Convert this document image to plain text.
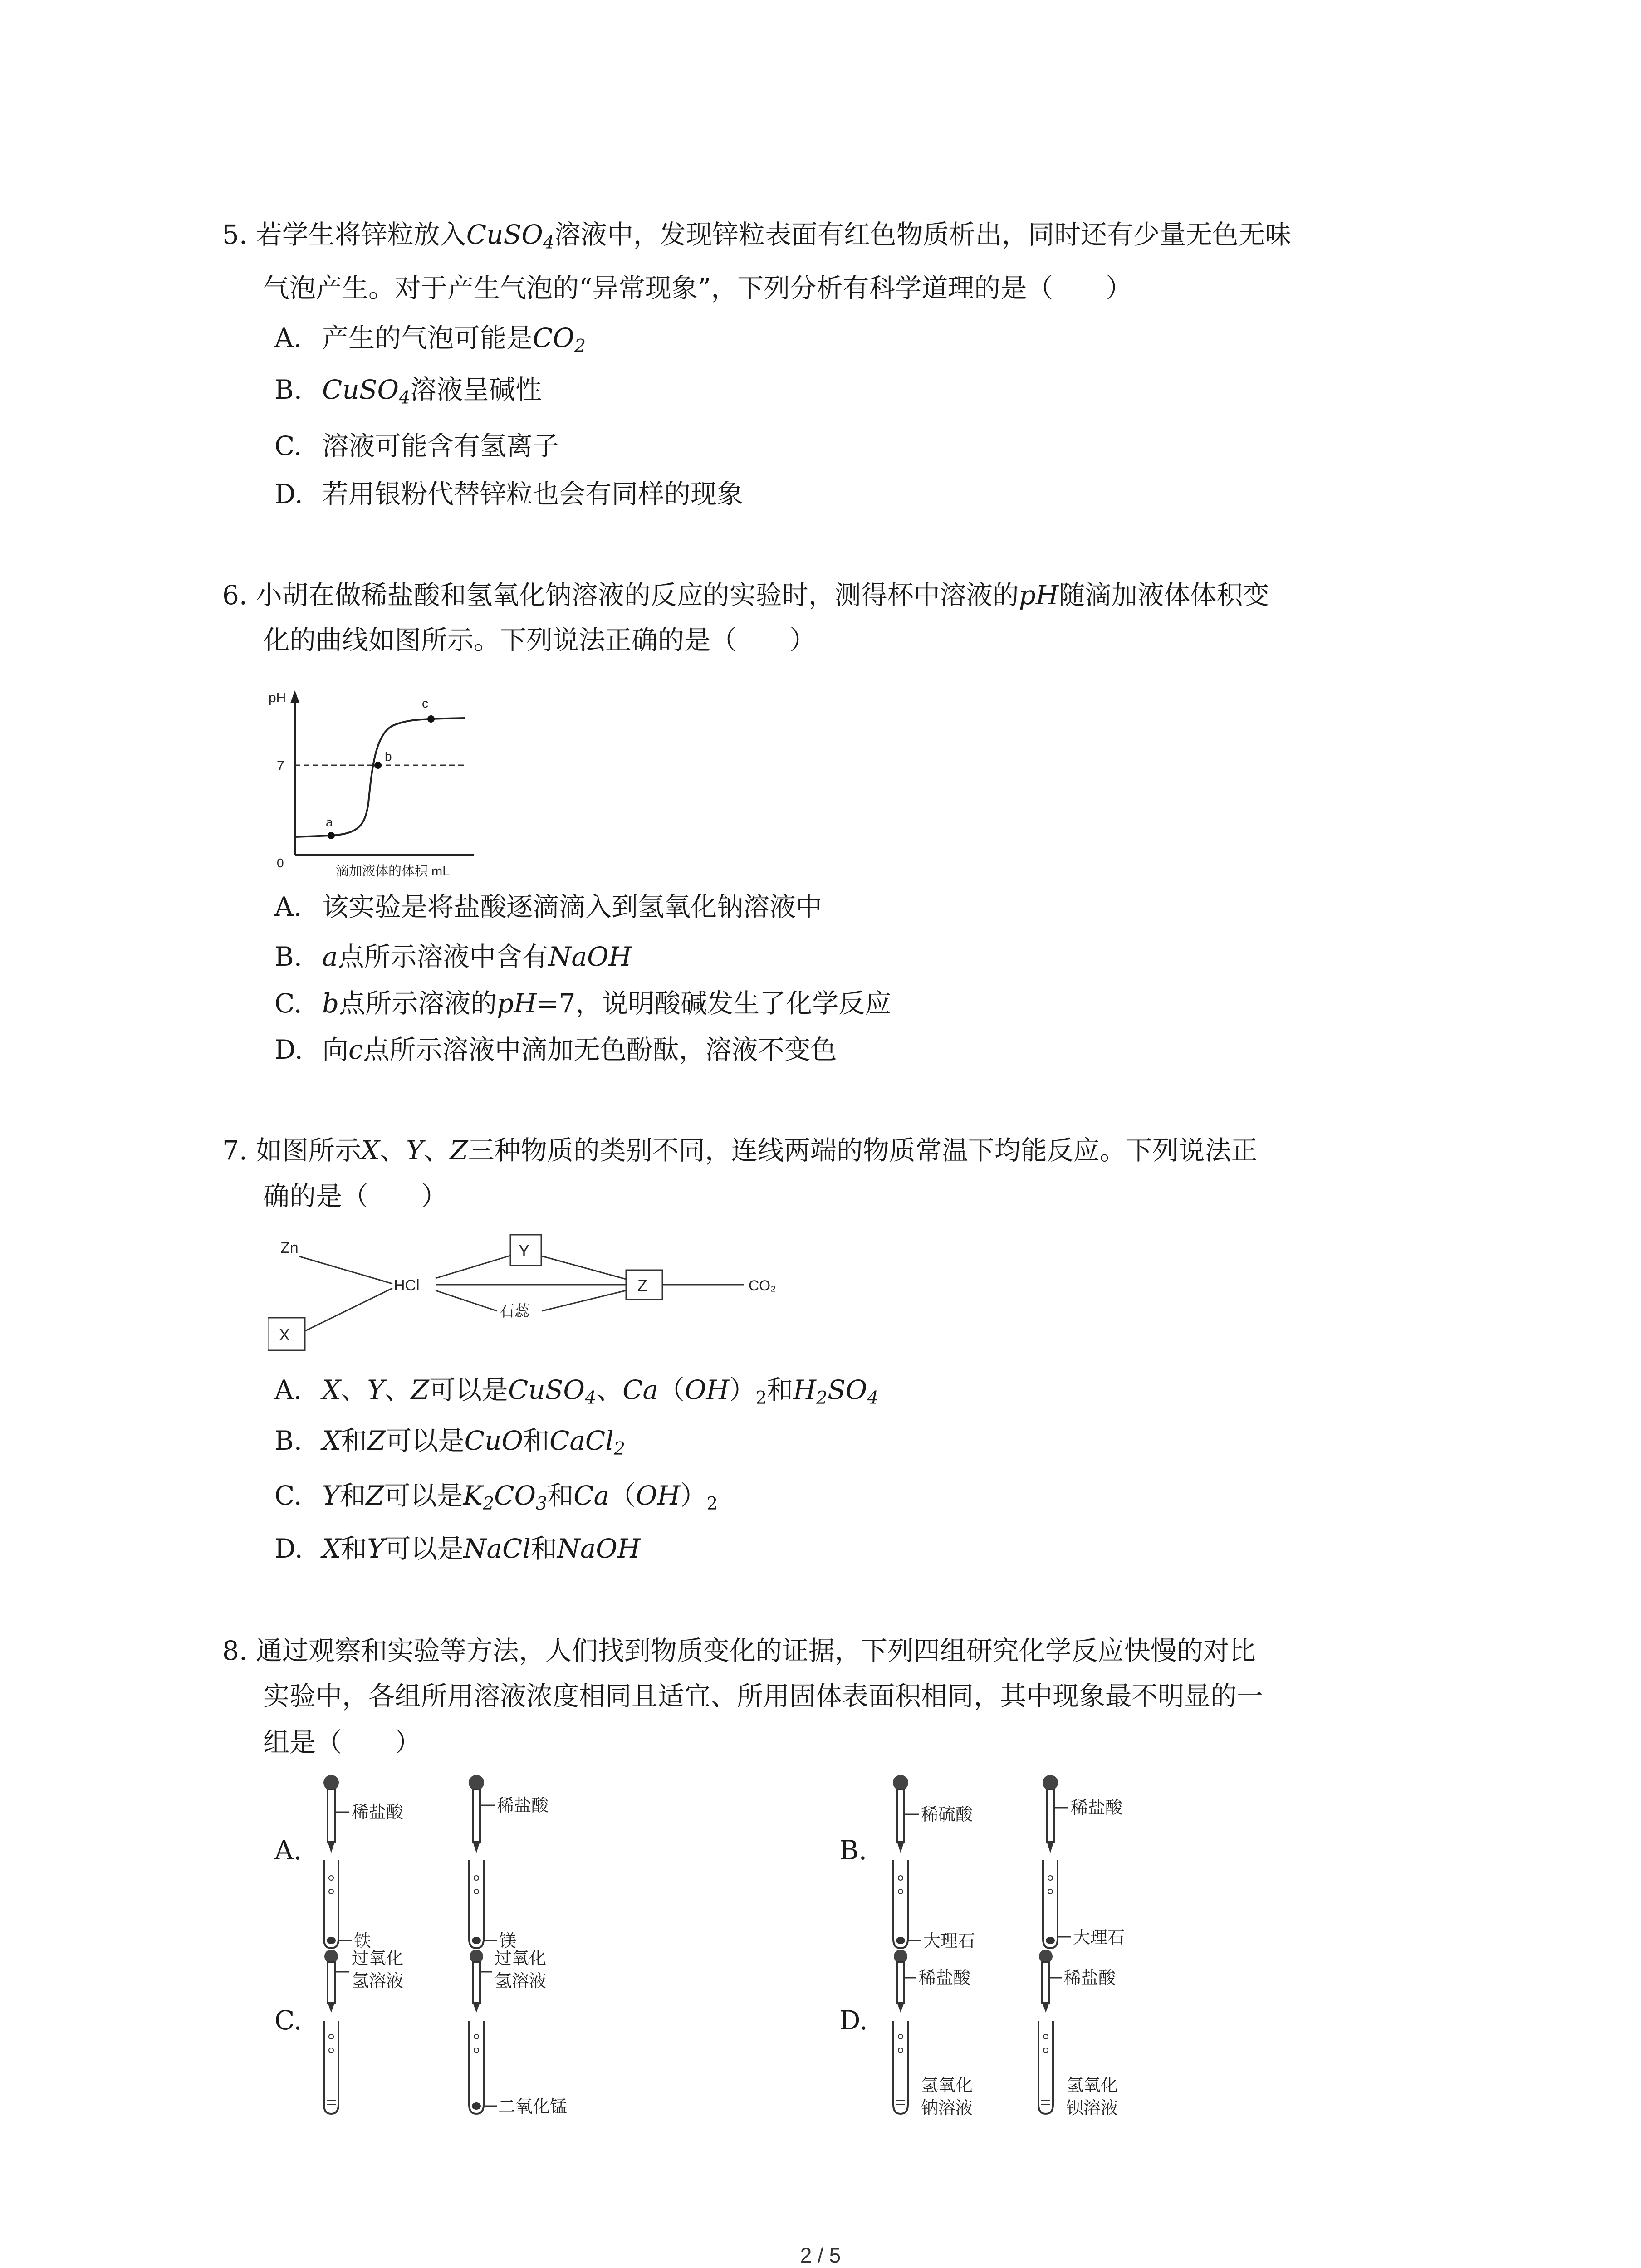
5. 若学生将锌粒放入CuSO$_4$溶液中，发现锌粒表面有红色物质析出，同时还有少量无色无味
气泡产生。对于产生气泡的“异常现象”，下列分析有科学道理的是（　　）
A. 产生的气泡可能是$CO_2$
B. CuSO$_4$溶液呈碱性
C. 溶液可能含有氢离子
D. 若用银粉代替锌粒也会有同样的现象
6. 小胡在做稀盐酸和氢氧化钠溶液的反应的实验时，测得杯中溶液的pH随滴加液体体积变
化的曲线如图所示。下列说法正确的是（　　）
pH
7
0
a
b
c
滴加液体的体积 mL
A. 该实验是将盐酸逐滴滴入到氢氧化钠溶液中
B. a点所示溶液中含有NaOH
C. b点所示溶液的pH=7，说明酸碱发生了化学反应
D. 向c点所示溶液中滴加无色酚酞，溶液不变色
7. 如图所示X、Y、Z三种物质的类别不同，连线两端的物质常温下均能反应。下列说法正
确的是（　　）
Zn
HCl
Y
Z
X
石蕊
CO₂
A. X、Y、Z可以是CuSO$_4$、$Ca(OH)_2$和$H_2SO_4$
B. X和Z可以是CuO和CaCl$_2$
C. Y和Z可以是$K_2CO_3$和$Ca(OH)_2$
D. X和Y可以是NaCl和NaOH
8. 通过观察和实验等方法，人们找到物质变化的证据，下列四组研究化学反应快慢的对比
实验中，各组所用溶液浓度相同且适宜、所用固体表面积相同，其中现象最不明显的一
组是（　　）
A.
稀盐酸
铁
稀盐酸
镁
B.
稀硫酸
大理石
稀盐酸
大理石
C.
过氧化
氢溶液
过氧化
氢溶液
二氧化锰
D.
稀盐酸
氢氧化
钠溶液
稀盐酸
氢氧化
钡溶液
2 / 5
